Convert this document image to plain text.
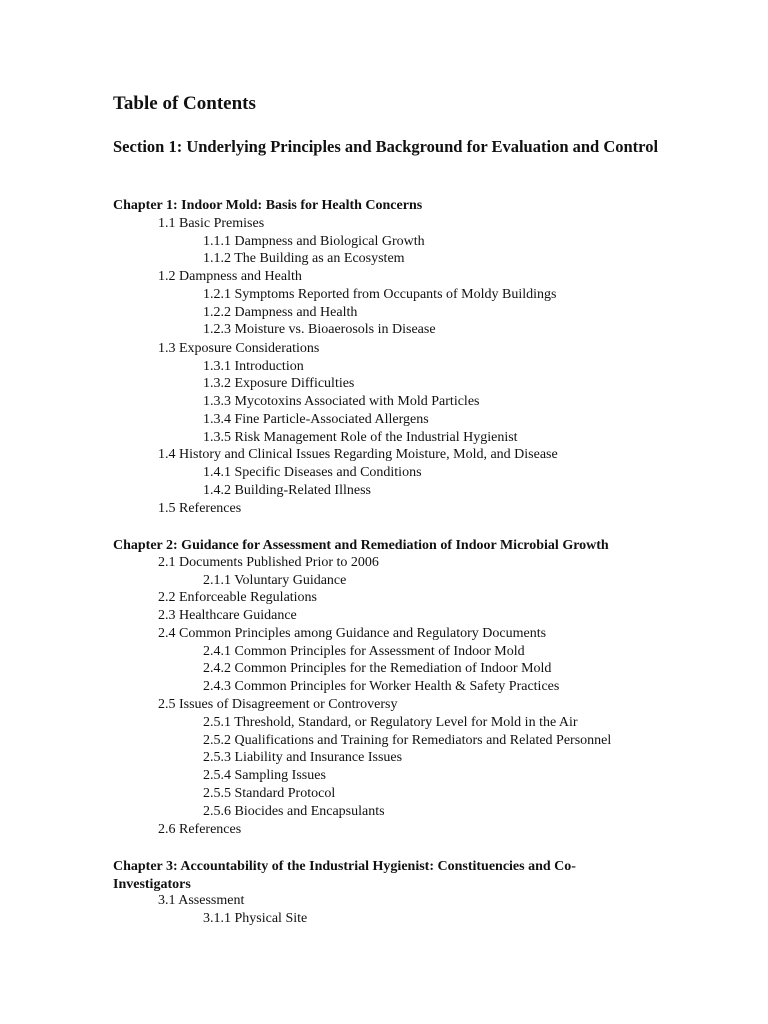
Table of Contents
Section 1: Underlying Principles and Background for Evaluation and Control
Chapter 1: Indoor Mold: Basis for Health Concerns
1.1 Basic Premises
1.1.1 Dampness and Biological Growth
1.1.2 The Building as an Ecosystem
1.2 Dampness and Health
1.2.1 Symptoms Reported from Occupants of Moldy Buildings
1.2.2 Dampness and Health
1.2.3 Moisture vs. Bioaerosols in Disease
1.3 Exposure Considerations
1.3.1 Introduction
1.3.2 Exposure Difficulties
1.3.3 Mycotoxins Associated with Mold Particles
1.3.4 Fine Particle-Associated Allergens
1.3.5 Risk Management Role of the Industrial Hygienist
1.4 History and Clinical Issues Regarding Moisture, Mold, and Disease
1.4.1 Specific Diseases and Conditions
1.4.2 Building-Related Illness
1.5 References
Chapter 2: Guidance for Assessment and Remediation of Indoor Microbial Growth
2.1 Documents Published Prior to 2006
2.1.1 Voluntary Guidance
2.2 Enforceable Regulations
2.3 Healthcare Guidance
2.4 Common Principles among Guidance and Regulatory Documents
2.4.1 Common Principles for Assessment of Indoor Mold
2.4.2 Common Principles for the Remediation of Indoor Mold
2.4.3 Common Principles for Worker Health & Safety Practices
2.5 Issues of Disagreement or Controversy
2.5.1 Threshold, Standard, or Regulatory Level for Mold in the Air
2.5.2 Qualifications and Training for Remediators and Related Personnel
2.5.3 Liability and Insurance Issues
2.5.4 Sampling Issues
2.5.5 Standard Protocol
2.5.6 Biocides and Encapsulants
2.6 References
Chapter 3: Accountability of the Industrial Hygienist: Constituencies and Co-Investigators
3.1 Assessment
3.1.1 Physical Site
